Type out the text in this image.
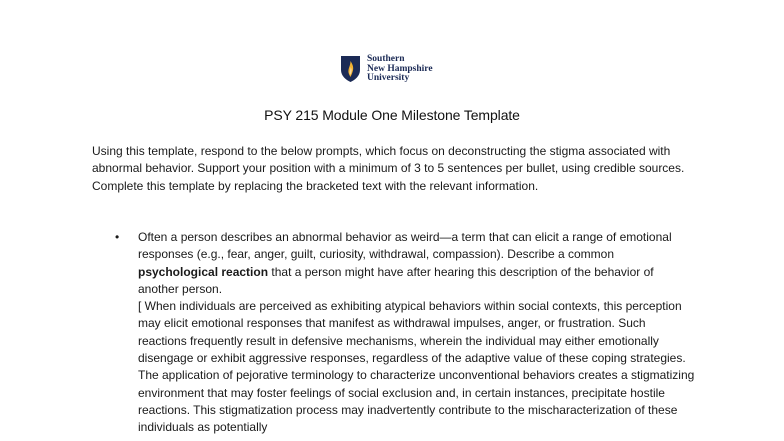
Southern
New Hampshire
University
PSY 215 Module One Milestone Template
Using this template, respond to the below prompts, which focus on deconstructing the stigma associated with abnormal behavior. Support your position with a minimum of 3 to 5 sentences per bullet, using credible sources. Complete this template by replacing the bracketed text with the relevant information.
• Often a person describes an abnormal behavior as weird—a term that can elicit a range of emotional responses (e.g., fear, anger, guilt, curiosity, withdrawal, compassion). Describe a common psychological reaction that a person might have after hearing this description of the behavior of another person.
[ When individuals are perceived as exhibiting atypical behaviors within social contexts, this perception may elicit emotional responses that manifest as withdrawal impulses, anger, or frustration. Such reactions frequently result in defensive mechanisms, wherein the individual may either emotionally disengage or exhibit aggressive responses, regardless of the adaptive value of these coping strategies. The application of pejorative terminology to characterize unconventional behaviors creates a stigmatizing environment that may foster feelings of social exclusion and, in certain instances, precipitate hostile reactions. This stigmatization process may inadvertently contribute to the mischaracterization of these individuals as potentially
